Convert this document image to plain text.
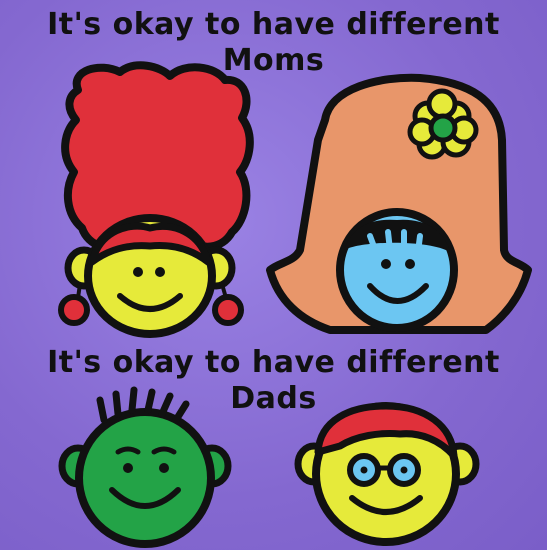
It's okay to have different
Moms
It's okay to have different
Dads
